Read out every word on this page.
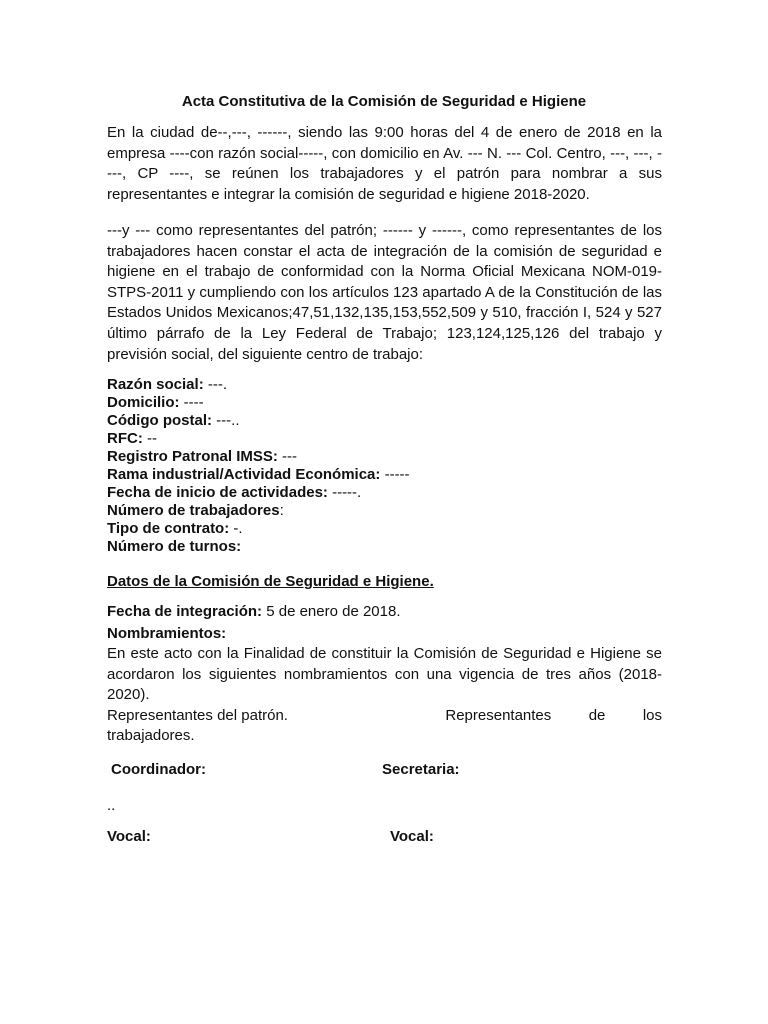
Acta Constitutiva de la Comisión de Seguridad e Higiene
En la ciudad de--,---, ------, siendo las 9:00 horas del 4 de enero de 2018 en la empresa ----con razón social-----, con domicilio en Av. --- N. --- Col. Centro, ---, ---, ----, CP ----, se reúnen los trabajadores y el patrón para nombrar a sus representantes e integrar la comisión de seguridad e higiene 2018-2020.
---y --- como representantes del patrón; ------ y ------, como representantes de los trabajadores hacen constar el acta de integración de la comisión de seguridad e higiene en el trabajo de conformidad con la Norma Oficial Mexicana NOM-019-STPS-2011 y cumpliendo con los artículos 123 apartado A de la Constitución de las Estados Unidos Mexicanos;47,51,132,135,153,552,509 y 510, fracción I, 524 y 527 último párrafo de la Ley Federal de Trabajo; 123,124,125,126 del trabajo y previsión social, del siguiente centro de trabajo:
Razón social: ---.
Domicilio: ----
Código postal: ---..
RFC: --
Registro Patronal IMSS: ---
Rama industrial/Actividad Económica: -----
Fecha de inicio de actividades: -----.
Número de trabajadores:
Tipo de contrato: -.
Número de turnos:
Datos de la Comisión de Seguridad e Higiene.
Fecha de integración: 5 de enero de 2018.
Nombramientos:
En este acto con la Finalidad de constituir la Comisión de Seguridad e Higiene se acordaron los siguientes nombramientos con una vigencia de tres años (2018-2020).
Representantes del patrón.	Representantes de los
trabajadores.
Coordinador:	Secretaria:
..
Vocal:	Vocal:
